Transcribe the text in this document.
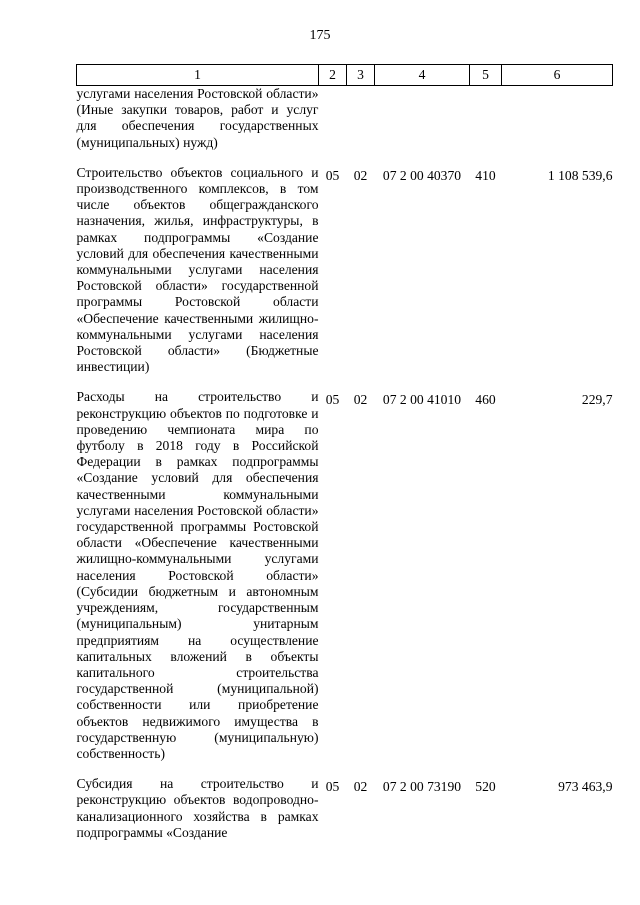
175
1	2	3	4	5	6
услугами населения Ростовской области» (Иные закупки товаров, работ и услуг для обеспечения государственных (муниципальных) нужд)					
Строительство объектов социального и производственного комплексов, в том числе объектов общегражданского назначения, жилья, инфраструктуры, в рамках подпрограммы «Создание условий для обеспечения качественными коммунальными услугами населения Ростовской области» государственной программы Ростовской области «Обеспечение качественными жилищно-коммунальными услугами населения Ростовской области» (Бюджетные инвестиции)	05	02	07 2 00 40370	410	1 108 539,6
Расходы на строительство и реконструкцию объектов по подготовке и проведению чемпионата мира по футболу в 2018 году в Российской Федерации в рамках подпрограммы «Создание условий для обеспечения качественными коммунальными услугами населения Ростовской области» государственной программы Ростовской области «Обеспечение качественными жилищно-коммунальными услугами населения Ростовской области» (Субсидии бюджетным и автономным учреждениям, государственным (муниципальным) унитарным предприятиям на осуществление капитальных вложений в объекты капитального строительства государственной (муниципальной) собственности или приобретение объектов недвижимого имущества в государственную (муниципальную) собственность)	05	02	07 2 00 41010	460	229,7
Субсидия на строительство и реконструкцию объектов водопроводно-канализационного хозяйства в рамках подпрограммы «Создание	05	02	07 2 00 73190	520	973 463,9
